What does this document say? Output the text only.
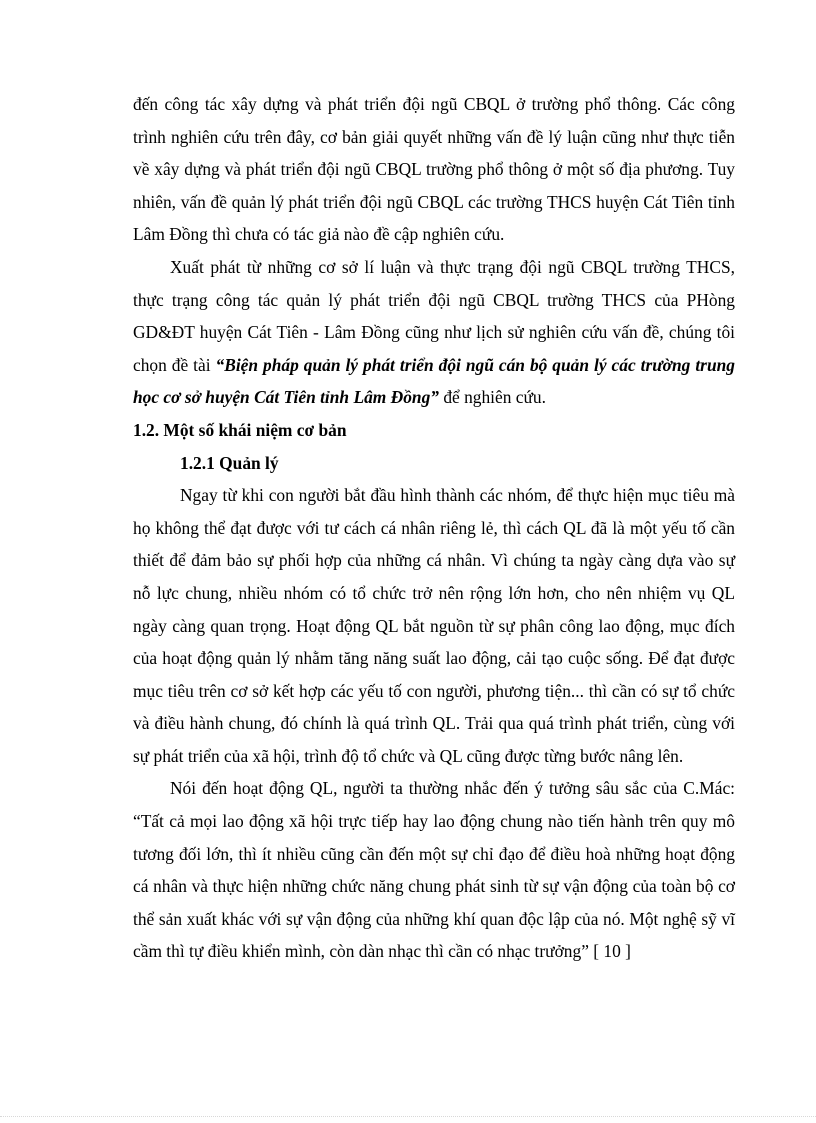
đến công tác xây dựng và phát triển đội ngũ CBQL ở trường phổ thông. Các công trình nghiên cứu trên đây, cơ bản giải quyết những vấn đề lý luận cũng như thực tiễn về xây dựng và phát triển đội ngũ CBQL trường phổ thông ở một số địa phương. Tuy nhiên, vấn đề quản lý phát triển đội ngũ CBQL các trường THCS huyện Cát Tiên tỉnh Lâm Đồng thì chưa có tác giả nào đề cập nghiên cứu.

Xuất phát từ những cơ sở lí luận và thực trạng đội ngũ CBQL trường THCS, thực trạng công tác quản lý phát triển đội ngũ CBQL trường THCS của PHòng GD&ĐT huyện Cát Tiên - Lâm Đồng cũng như lịch sử nghiên cứu vấn đề, chúng tôi chọn đề tài “Biện pháp quản lý phát triển đội ngũ cán bộ quản lý các trường trung học cơ sở huyện Cát Tiên tỉnh Lâm Đồng” để nghiên cứu.

1.2. Một số khái niệm cơ bản
1.2.1 Quản lý

Ngay từ khi con người bắt đầu hình thành các nhóm, để thực hiện mục tiêu mà họ không thể đạt được với tư cách cá nhân riêng lẻ, thì cách QL đã là một yếu tố cần thiết để đảm bảo sự phối hợp của những cá nhân. Vì chúng ta ngày càng dựa vào sự nỗ lực chung, nhiều nhóm có tổ chức trở nên rộng lớn hơn, cho nên nhiệm vụ QL ngày càng quan trọng. Hoạt động QL bắt nguồn từ sự phân công lao động, mục đích của hoạt động quản lý nhằm tăng năng suất lao động, cải tạo cuộc sống. Để đạt được mục tiêu trên cơ sở kết hợp các yếu tố con người, phương tiện... thì cần có sự tổ chức và điều hành chung, đó chính là quá trình QL. Trải qua quá trình phát triển, cùng với sự phát triển của xã hội, trình độ tổ chức và QL cũng được từng bước nâng lên.

Nói đến hoạt động QL, người ta thường nhắc đến ý tưởng sâu sắc của C.Mác: “Tất cả mọi lao động xã hội trực tiếp hay lao động chung nào tiến hành trên quy mô tương đối lớn, thì ít nhiều cũng cần đến một sự chỉ đạo để điều hoà những hoạt động cá nhân và thực hiện những chức năng chung phát sinh từ sự vận động của toàn bộ cơ thể sản xuất khác với sự vận động của những khí quan độc lập của nó. Một nghệ sỹ vĩ cầm thì tự điều khiển mình, còn dàn nhạc thì cần có nhạc trưởng” [ 10 ]
